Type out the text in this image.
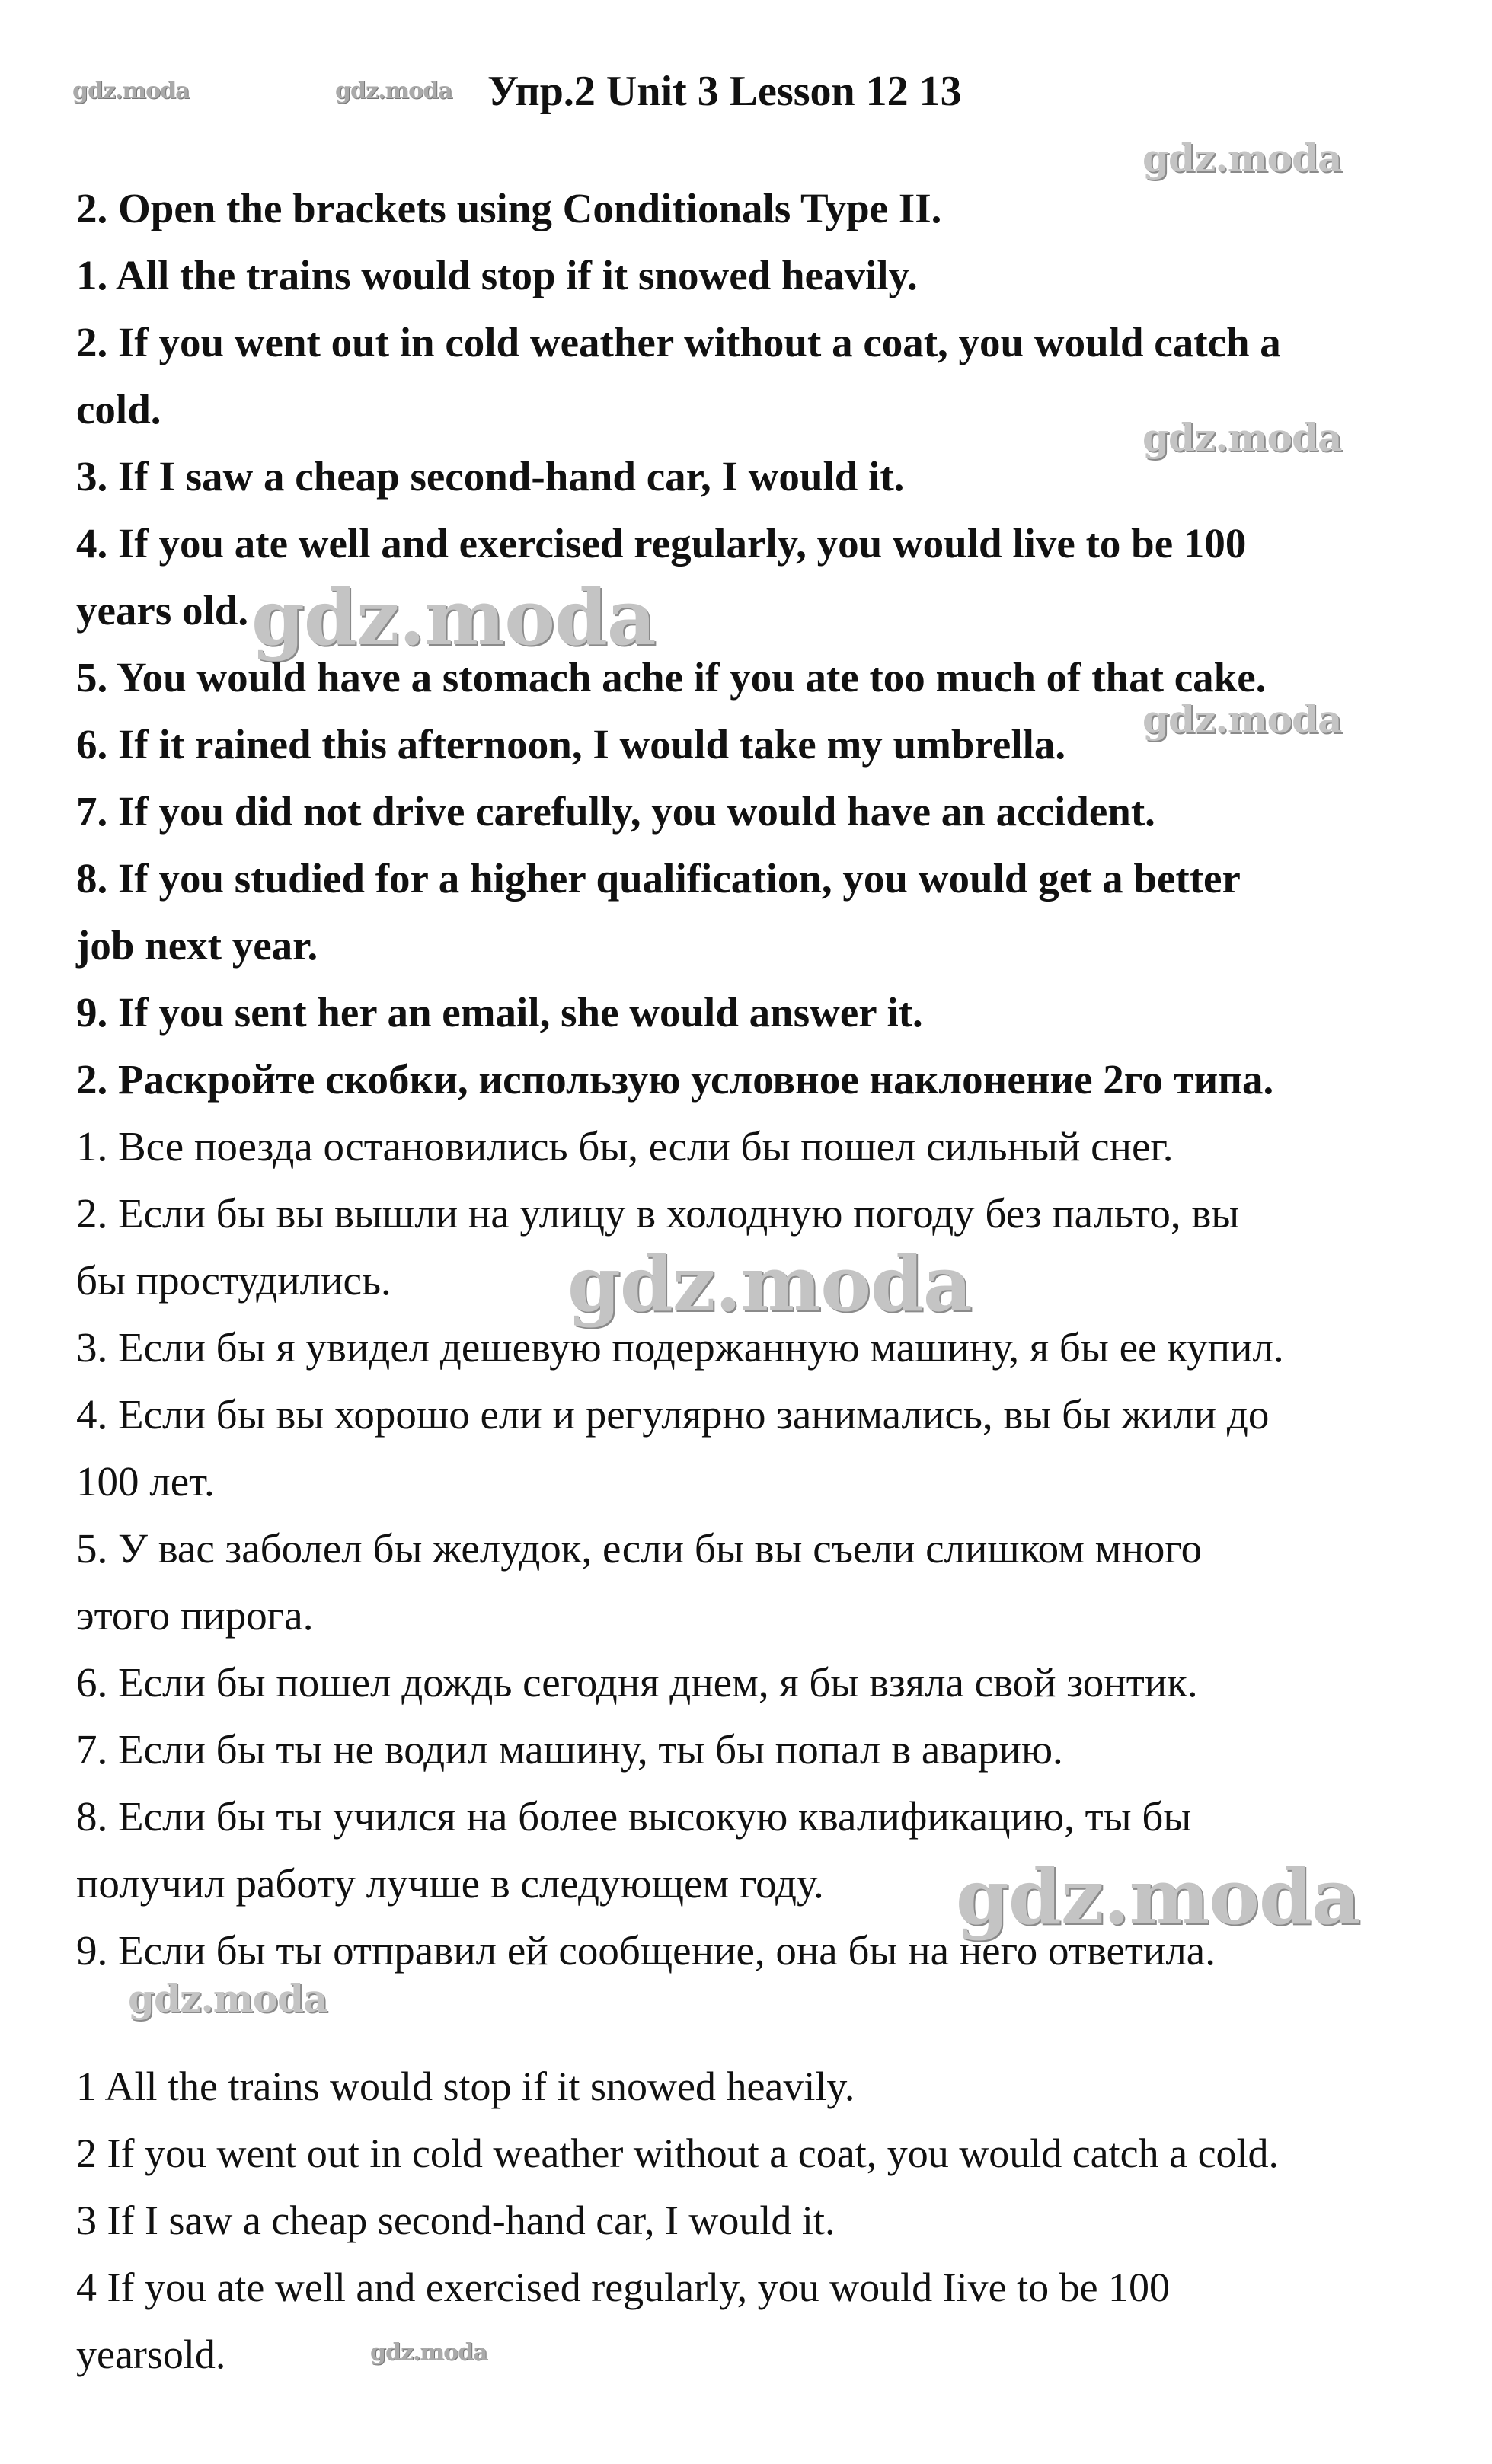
gdz.moda	gdz.moda
gdz.moda
gdz.moda
gdz.moda
gdz.moda
gdz.moda
gdz.moda
gdz.moda
gdz.moda
Упр.2 Unit 3 Lesson 12 13
2. Open the brackets using Conditionals Type II.
1. All the trains would stop if it snowed heavily.
2. If you went out in cold weather without a coat, you would catch a
cold.
3. If I saw a cheap second-hand car, I would it.
4. If you ate well and exercised regularly, you would live to be 100
years old.
5. You would have a stomach ache if you ate too much of that cake.
6. If it rained this afternoon, I would take my umbrella.
7. If you did not drive carefully, you would have an accident.
8. If you studied for a higher qualification, you would get a better
job next year.
9. If you sent her an email, she would answer it.
2. Раскройте скобки, использую условное наклонение 2го типа.
1. Все поезда остановились бы, если бы пошел сильный снег.
2. Если бы вы вышли на улицу в холодную погоду без пальто, вы
бы простудились.
3. Если бы я увидел дешевую подержанную машину, я бы ее купил.
4. Если бы вы хорошо ели и регулярно занимались, вы бы жили до
100 лет.
5. У вас заболел бы желудок, если бы вы съели слишком много
этого пирога.
6. Если бы пошел дождь сегодня днем, я бы взяла свой зонтик.
7. Если бы ты не водил машину, ты бы попал в аварию.
8. Если бы ты учился на более высокую квалификацию, ты бы
получил работу лучше в следующем году.
9. Если бы ты отправил ей сообщение, она бы на него ответила.
1 All the trains would stop if it snowed heavily.
2 If you went out in cold weather without a coat, you would catch a cold.
3 If I saw a cheap second-hand car, I would it.
4 If you ate well and exercised regularly, you would Iive to be 100
yearsold.
